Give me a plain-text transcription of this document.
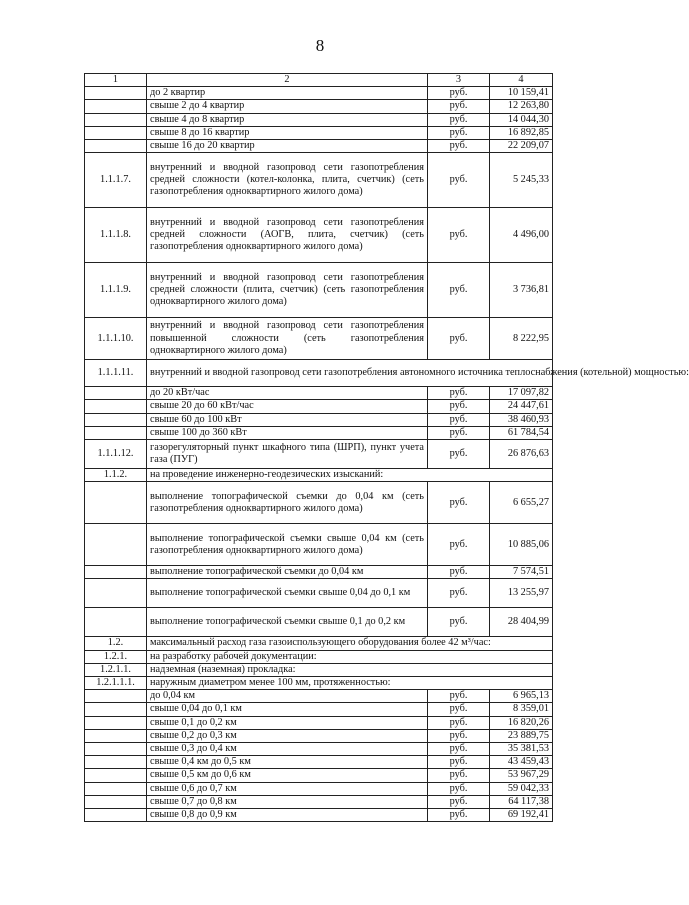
8
1	2	3	4
	до 2 квартир	руб.	10 159,41
	свыше 2 до 4 квартир	руб.	12 263,80
	свыше 4 до 8 квартир	руб.	14 044,30
	свыше 8 до 16 квартир	руб.	16 892,85
	свыше 16 до 20 квартир	руб.	22 209,07
1.1.1.7.	внутренний и вводной газопровод сети газопотребления средней сложности (котел-колонка, плита, счетчик) (сеть газопотребления одноквартирного жилого дома)	руб.	5 245,33
1.1.1.8.	внутренний и вводной газопровод сети газопотребления средней сложности (АОГВ, плита, счетчик) (сеть газопотребления одноквартирного жилого дома)	руб.	4 496,00
1.1.1.9.	внутренний и вводной газопровод сети газопотребления средней сложности (плита, счетчик) (сеть газопотребления одноквартирного жилого дома)	руб.	3 736,81
1.1.1.10.	внутренний и вводной газопровод сети газопотребления повышенной сложности (сеть газопотребления одноквартирного жилого дома)	руб.	8 222,95
1.1.1.11.	внутренний и вводной газопровод сети газопотребления автономного источника теплоснабжения (котельной) мощностью:		
	до 20 кВт/час	руб.	17 097,82
	свыше 20 до 60 кВт/час	руб.	24 447,61
	свыше 60 до 100 кВт	руб.	38 460,93
	свыше 100 до 360 кВт	руб.	61 784,54
1.1.1.12.	газорегуляторный пункт шкафного типа (ШРП), пункт учета газа (ПУГ)	руб.	26 876,63
1.1.2.	на проведение инженерно-геодезических изысканий:		
	выполнение топографической съемки до 0,04 км (сеть газопотребления одноквартирного жилого дома)	руб.	6 655,27
	выполнение топографической съемки свыше 0,04 км (сеть газопотребления одноквартирного жилого дома)	руб.	10 885,06
	выполнение топографической съемки до 0,04 км	руб.	7 574,51
	выполнение топографической съемки свыше 0,04 до 0,1 км	руб.	13 255,97
	выполнение топографической съемки свыше 0,1 до 0,2 км	руб.	28 404,99
1.2.	максимальный расход газа газоиспользующего оборудования более 42 м³/час:		
1.2.1.	на разработку рабочей документации:		
1.2.1.1.	надземная (наземная) прокладка:		
1.2.1.1.1.	наружным диаметром менее 100 мм, протяженностью:		
	до 0,04 км	руб.	6 965,13
	свыше 0,04 до 0,1 км	руб.	8 359,01
	свыше 0,1 до 0,2 км	руб.	16 820,26
	свыше 0,2 до 0,3 км	руб.	23 889,75
	свыше 0,3 до 0,4 км	руб.	35 381,53
	свыше 0,4 км до 0,5 км	руб.	43 459,43
	свыше 0,5 км до 0,6 км	руб.	53 967,29
	свыше 0,6 до 0,7 км	руб.	59 042,33
	свыше 0,7 до 0,8 км	руб.	64 117,38
	свыше 0,8 до 0,9 км	руб.	69 192,41
